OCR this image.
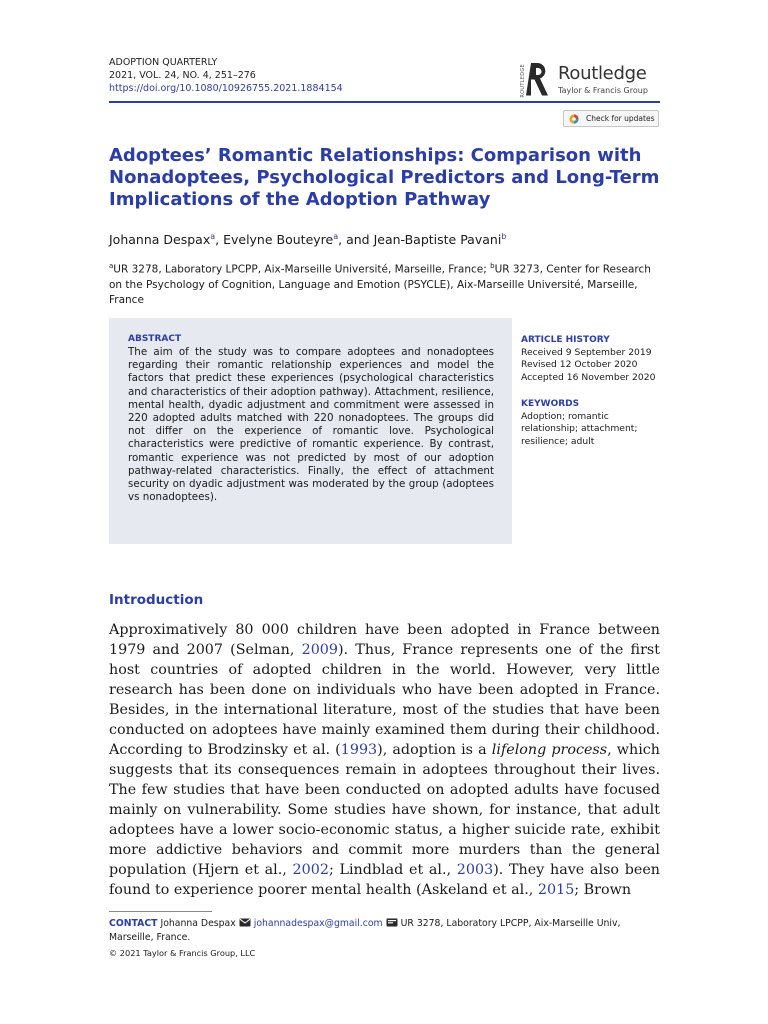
ADOPTION QUARTERLY
2021, VOL. 24, NO. 4, 251–276
https://doi.org/10.1080/10926755.2021.1884154	ROUTLEDGE Routledge
Taylor & Francis Group
Check for updates
Adoptees’ Romantic Relationships: Comparison with
Nonadoptees, Psychological Predictors and Long-Term
Implications of the Adoption Pathway
Johanna Despax$^a$, Evelyne Bouteyre$^a$, and Jean-Baptiste Pavani$^b$
$^a$UR 3278, Laboratory LPCPP, Aix-Marseille Université, Marseille, France; $^b$UR 3273, Center for Research on the Psychology of Cognition, Language and Emotion (PSYCLE), Aix-Marseille Université, Marseille, France
ABSTRACT
The aim of the study was to compare adoptees and nonadoptees regarding their romantic relationship experiences and model the factors that predict these experiences (psychological characteristics and characteristics of their adoption pathway). Attachment, resilience, mental health, dyadic adjustment and commitment were assessed in 220 adopted adults matched with 220 nonadoptees. The groups did not differ on the experience of romantic love. Psychological characteristics were predictive of romantic experience. By contrast, romantic experience was not predicted by most of our adoption pathway-related characteristics. Finally, the effect of attachment security on dyadic adjustment was moderated by the group (adoptees vs nonadoptees).
ARTICLE HISTORY
Received 9 September 2019
Revised 12 October 2020
Accepted 16 November 2020
KEYWORDS
Adoption; romantic relationship; attachment; resilience; adult
Introduction
Approximatively 80 000 children have been adopted in France between 1979 and 2007 (Selman, 2009). Thus, France represents one of the first host countries of adopted children in the world. However, very little research has been done on individuals who have been adopted in France. Besides, in the international literature, most of the studies that have been conducted on adoptees have mainly examined them during their childhood. According to Brodzinsky et al. (1993), adoption is a lifelong process, which suggests that its consequences remain in adoptees throughout their lives. The few studies that have been conducted on adopted adults have focused mainly on vulnerability. Some studies have shown, for instance, that adult adoptees have a lower socio-economic status, a higher suicide rate, exhibit more addictive behaviors and commit more murders than the general population (Hjern et al., 2002; Lindblad et al., 2003). They have also been found to experience poorer mental health (Askeland et al., 2015; Brown
CONTACT Johanna Despax johannadespax@gmail.com UR 3278, Laboratory LPCPP, Aix-Marseille Univ, Marseille, France.
© 2021 Taylor & Francis Group, LLC
